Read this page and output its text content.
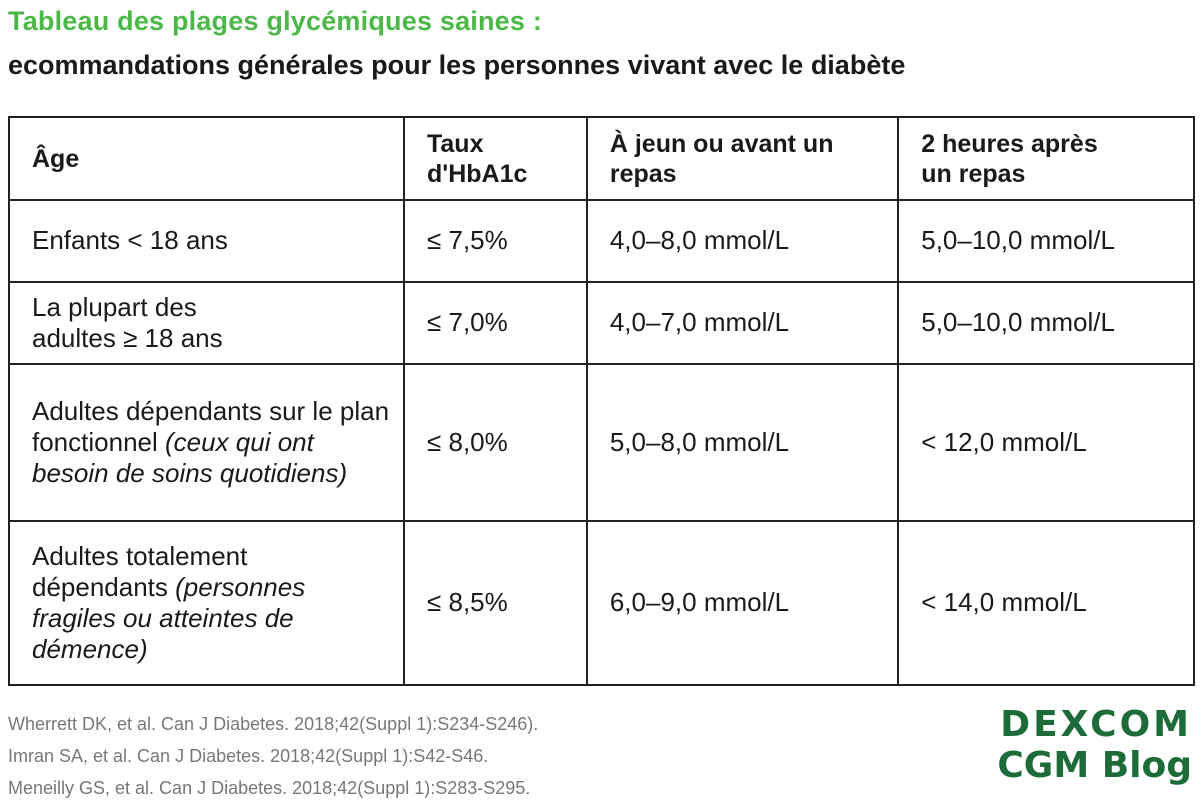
Tableau des plages glycémiques saines :
ecommandations générales pour les personnes vivant avec le diabète
Âge	Taux d'HbA1c	À jeun ou avant un repas	2 heures après un repas
Enfants < 18 ans	≤ 7,5%	4,0–8,0 mmol/L	5,0–10,0 mmol/L
La plupart des adultes ≥ 18 ans	≤ 7,0%	4,0–7,0 mmol/L	5,0–10,0 mmol/L
Adultes dépendants sur le plan fonctionnel (ceux qui ont besoin de soins quotidiens)	≤ 8,0%	5,0–8,0 mmol/L	< 12,0 mmol/L
Adultes totalement dépendants (personnes fragiles ou atteintes de démence)	≤ 8,5%	6,0–9,0 mmol/L	< 14,0 mmol/L
Wherrett DK, et al. Can J Diabetes. 2018;42(Suppl 1):S234-S246).
Imran SA, et al. Can J Diabetes. 2018;42(Suppl 1):S42-S46.
Meneilly GS, et al. Can J Diabetes. 2018;42(Suppl 1):S283-S295.
DEXCOM
CGM Blog
